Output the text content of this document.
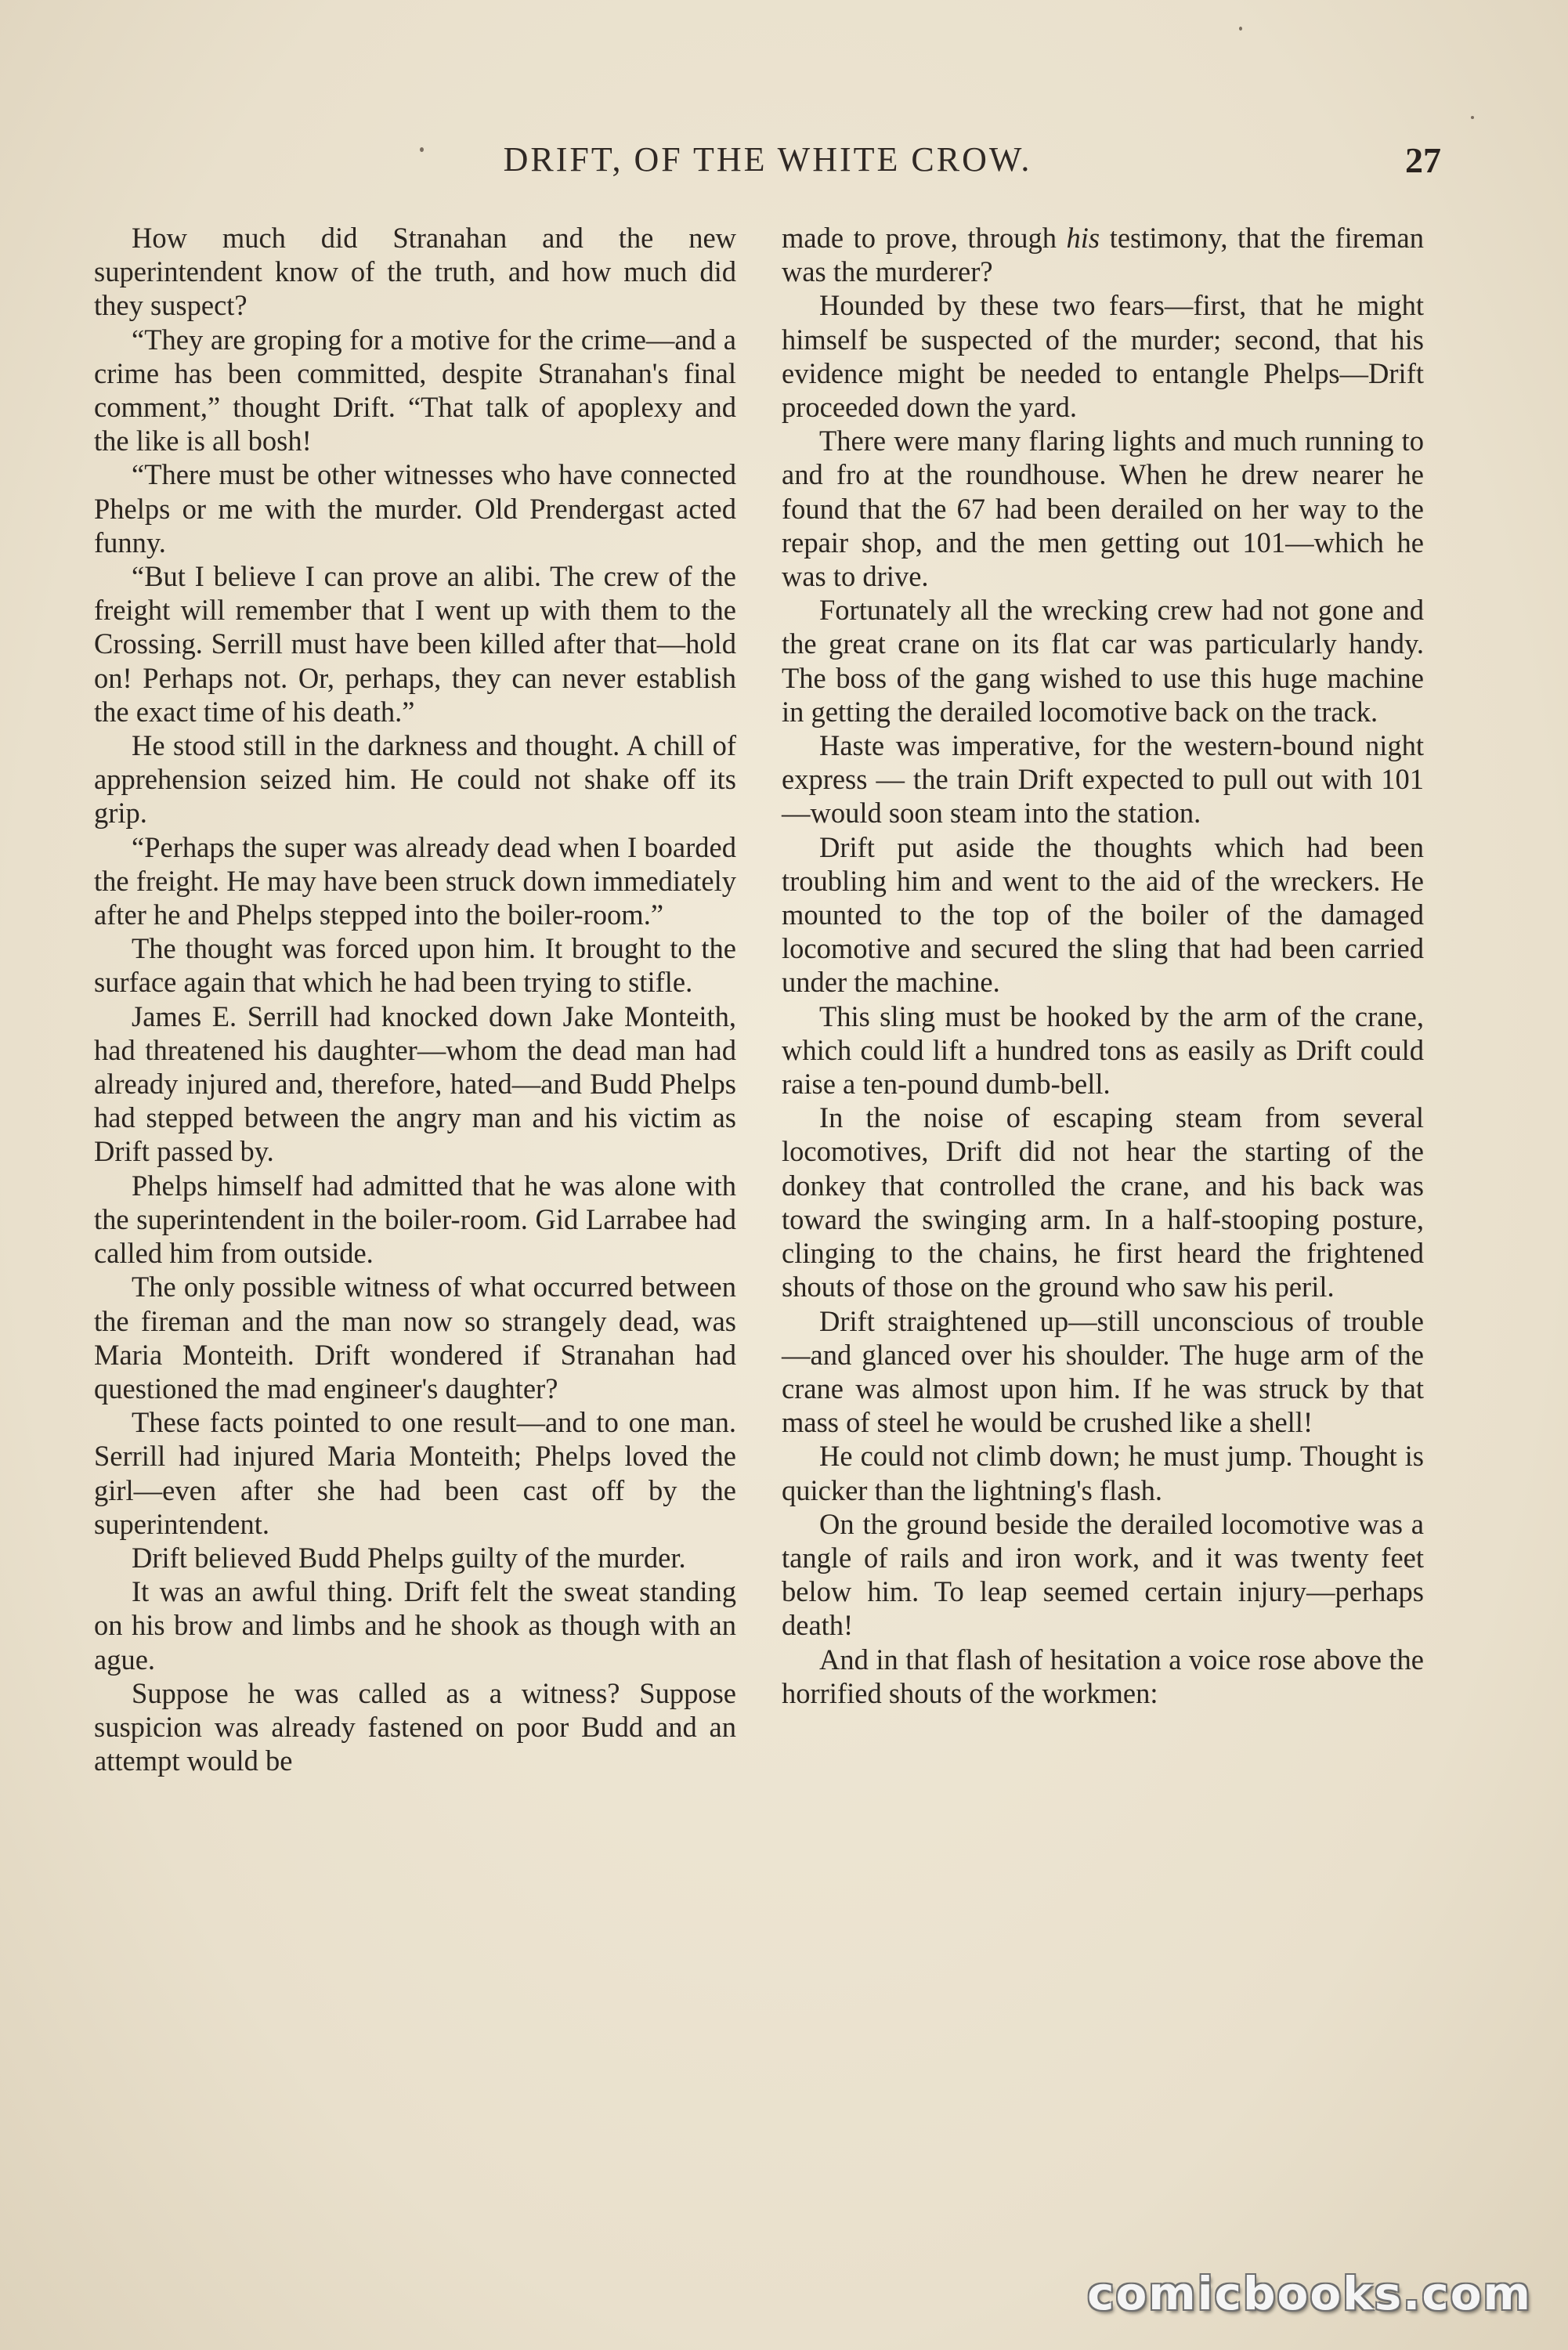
DRIFT, OF THE WHITE CROW.	27

How much did Stranahan and the new superintendent know of the truth, and how much did they suspect?

“They are groping for a motive for the crime—and a crime has been committed, despite Stranahan's final comment,” thought Drift. “That talk of apoplexy and the like is all bosh!

“There must be other witnesses who have connected Phelps or me with the murder. Old Prendergast acted funny.

“But I believe I can prove an alibi. The crew of the freight will remember that I went up with them to the Crossing. Serrill must have been killed after that—hold on! Perhaps not. Or, perhaps, they can never establish the exact time of his death.”

He stood still in the darkness and thought. A chill of apprehension seized him. He could not shake off its grip.

“Perhaps the super was already dead when I boarded the freight. He may have been struck down immediately after he and Phelps stepped into the boiler-room.”

The thought was forced upon him. It brought to the surface again that which he had been trying to stifle.

James E. Serrill had knocked down Jake Monteith, had threatened his daughter—whom the dead man had already injured and, therefore, hated—and Budd Phelps had stepped between the angry man and his victim as Drift passed by.

Phelps himself had admitted that he was alone with the superintendent in the boiler-room. Gid Larrabee had called him from outside.

The only possible witness of what occurred between the fireman and the man now so strangely dead, was Maria Monteith. Drift wondered if Stranahan had questioned the mad engineer's daughter?

These facts pointed to one result—and to one man. Serrill had injured Maria Monteith; Phelps loved the girl—even after she had been cast off by the superintendent.

Drift believed Budd Phelps guilty of the murder.

It was an awful thing. Drift felt the sweat standing on his brow and limbs and he shook as though with an ague.

Suppose he was called as a witness? Suppose suspicion was already fastened on poor Budd and an attempt would be

made to prove, through his testimony, that the fireman was the murderer?

Hounded by these two fears—first, that he might himself be suspected of the murder; second, that his evidence might be needed to entangle Phelps—Drift proceeded down the yard.

There were many flaring lights and much running to and fro at the roundhouse. When he drew nearer he found that the 67 had been derailed on her way to the repair shop, and the men getting out 101—which he was to drive.

Fortunately all the wrecking crew had not gone and the great crane on its flat car was particularly handy. The boss of the gang wished to use this huge machine in getting the derailed locomotive back on the track.

Haste was imperative, for the western-bound night express — the train Drift expected to pull out with 101—would soon steam into the station.

Drift put aside the thoughts which had been troubling him and went to the aid of the wreckers. He mounted to the top of the boiler of the damaged locomotive and secured the sling that had been carried under the machine.

This sling must be hooked by the arm of the crane, which could lift a hundred tons as easily as Drift could raise a ten-pound dumb-bell.

In the noise of escaping steam from several locomotives, Drift did not hear the starting of the donkey that controlled the crane, and his back was toward the swinging arm. In a half-stooping posture, clinging to the chains, he first heard the frightened shouts of those on the ground who saw his peril.

Drift straightened up—still unconscious of trouble—and glanced over his shoulder. The huge arm of the crane was almost upon him. If he was struck by that mass of steel he would be crushed like a shell!

He could not climb down; he must jump. Thought is quicker than the lightning's flash.

On the ground beside the derailed locomotive was a tangle of rails and iron work, and it was twenty feet below him. To leap seemed certain injury—perhaps death!

And in that flash of hesitation a voice rose above the horrified shouts of the workmen:

comicbooks.com
